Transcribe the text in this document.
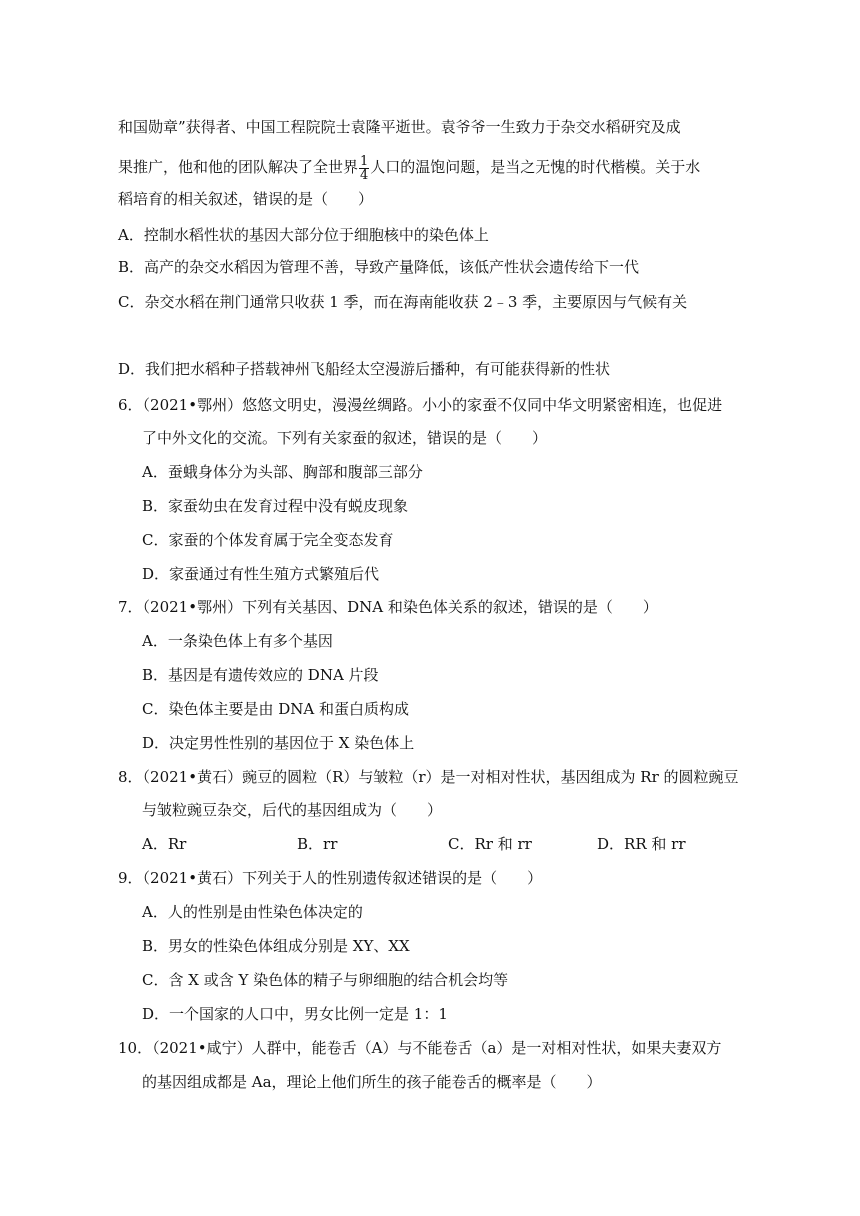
和国勋章”获得者、中国工程院院士袁隆平逝世。袁爷爷一生致力于杂交水稻研究及成
果推广，他和他的团队解决了全世界 $\frac{1}{4}$ 人口的温饱问题，是当之无愧的时代楷模。关于水
稻培育的相关叙述，错误的是（　　）
A．控制水稻性状的基因大部分位于细胞核中的染色体上
B．高产的杂交水稻因为管理不善，导致产量降低，该低产性状会遗传给下一代
C．杂交水稻在荆门通常只收获 1 季，而在海南能收获 2﹣3 季，主要原因与气候有关
D．我们把水稻种子搭载神州飞船经太空漫游后播种，有可能获得新的性状
6．（2021•鄂州）悠悠文明史，漫漫丝绸路。小小的家蚕不仅同中华文明紧密相连，也促进
了中外文化的交流。下列有关家蚕的叙述，错误的是（　　）
A．蚕蛾身体分为头部、胸部和腹部三部分
B．家蚕幼虫在发育过程中没有蜕皮现象
C．家蚕的个体发育属于完全变态发育
D．家蚕通过有性生殖方式繁殖后代
7．（2021•鄂州）下列有关基因、DNA 和染色体关系的叙述，错误的是（　　）
A．一条染色体上有多个基因
B．基因是有遗传效应的 DNA 片段
C．染色体主要是由 DNA 和蛋白质构成
D．决定男性性别的基因位于 X 染色体上
8．（2021•黄石）豌豆的圆粒（R）与皱粒（r）是一对相对性状，基因组成为 Rr 的圆粒豌豆
与皱粒豌豆杂交，后代的基因组成为（　　）
A．Rr	B．rr	C．Rr 和 rr	D．RR 和 rr
9．（2021•黄石）下列关于人的性别遗传叙述错误的是（　　）
A．人的性别是由性染色体决定的
B．男女的性染色体组成分别是 XY、XX
C．含 X 或含 Y 染色体的精子与卵细胞的结合机会均等
D．一个国家的人口中，男女比例一定是 1：1
10．（2021•咸宁）人群中，能卷舌（A）与不能卷舌（a）是一对相对性状，如果夫妻双方
的基因组成都是 Aa，理论上他们所生的孩子能卷舌的概率是（　　）
